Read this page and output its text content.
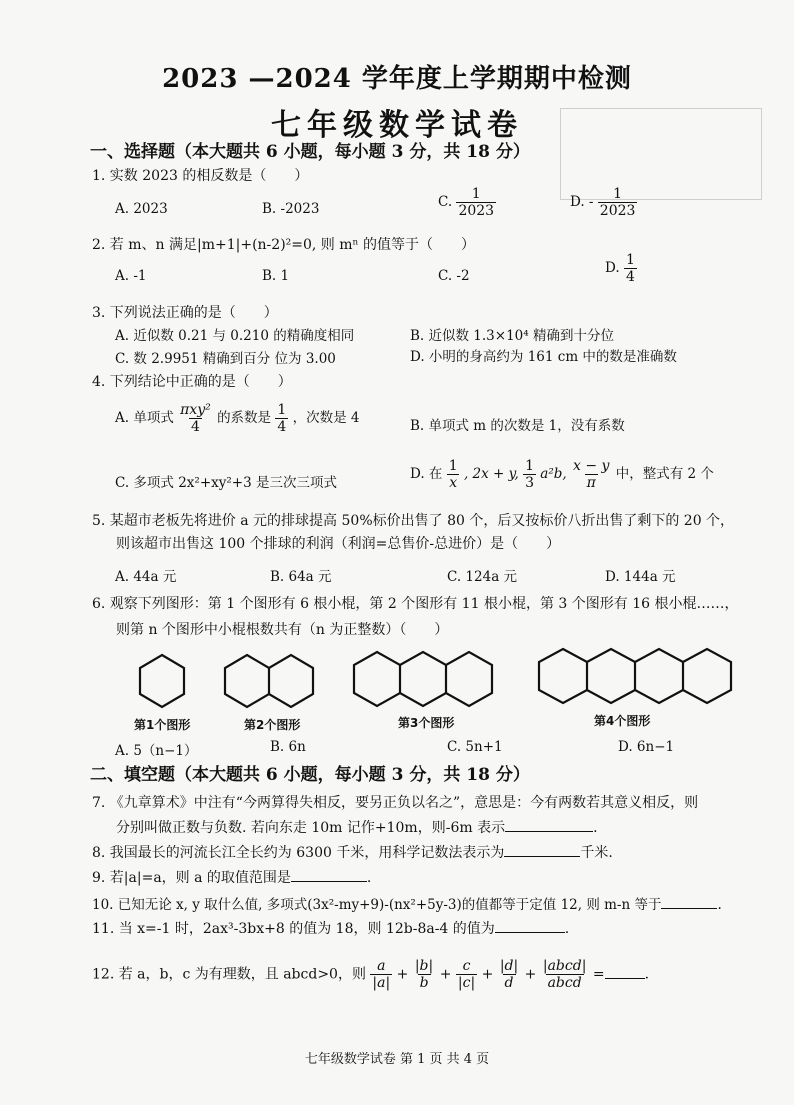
2023 —2024 学年度上学期期中检测
七年级数学试卷
一、选择题（本大题共 6 小题，每小题 3 分，共 18 分）
1. 实数 2023 的相反数是（　　）
A. 2023	B. -2023	C. $\frac{1}{2023}$	D. - $\frac{1}{2023}$
2. 若 m、n 满足|m+1|+(n-2)²=0, 则 mⁿ 的值等于（　　）
A. -1	B. 1	C. -2	D. $\frac{1}{4}$
3. 下列说法正确的是（　　）
A. 近似数 0.21 与 0.210 的精确度相同	B. 近似数 1.3×10⁴ 精确到十分位
C. 数 2.9951 精确到百分 位为 3.00	D. 小明的身高约为 161 cm 中的数是准确数
4. 下列结论中正确的是（　　）
A. 单项式 $\frac{\text{πxy²}}{4}$ 的系数是 $\frac{1}{4}$ ，次数是 4	B. 单项式 m 的次数是 1，没有系数
C. 多项式 2x²+xy²+3 是三次三项式
D. 在 $\frac{1}{x}$ , 2x + y, $\frac{1}{3} a^2b$, $\frac{x - y}{\pi}$ 中，整式有 2 个
5. 某超市老板先将进价 a 元的排球提高 50%标价出售了 80 个，后又按标价八折出售了剩下的 20 个，
则该超市出售这 100 个排球的利润（利润=总售价-总进价）是（　　）
A. 44a 元	B. 64a 元	C. 124a 元	D. 144a 元
6. 观察下列图形：第 1 个图形有 6 根小棍，第 2 个图形有 11 根小棍，第 3 个图形有 16 根小棍……，
则第 n 个图形中小棍根数共有（n 为正整数）（　　）
第1个图形	第2个图形	第3个图形	第4个图形
A. 5（n−1）	B. 6n	C. 5n+1	D. 6n−1
二、填空题（本大题共 6 小题，每小题 3 分，共 18 分）
7. 《九章算术》中注有“今两算得失相反，要另正负以名之”，意思是：今有两数若其意义相反，则
分别叫做正数与负数. 若向东走 10m 记作+10m，则-6m 表示	.
8. 我国最长的河流长江全长约为 6300 千米，用科学记数法表示为	千米.
9. 若|a|=a，则 a 的取值范围是	.
10. 已知无论 x, y 取什么值, 多项式(3x²-my+9)-(nx²+5y-3)的值都等于定值 12, 则 m-n 等于	.
11. 当 x=-1 时，2ax³-3bx+8 的值为 18，则 12b-8a-4 的值为	.
12. 若 a，b，c 为有理数，且 abcd>0，则 $\frac{a}{|a|} + \frac{|b|}{b} + \frac{c}{|c|} + \frac{|d|}{d} + \frac{\text{|abcd|}}{\text{abcd}}$ =	.
七年级数学试卷 第 1 页 共 4 页
